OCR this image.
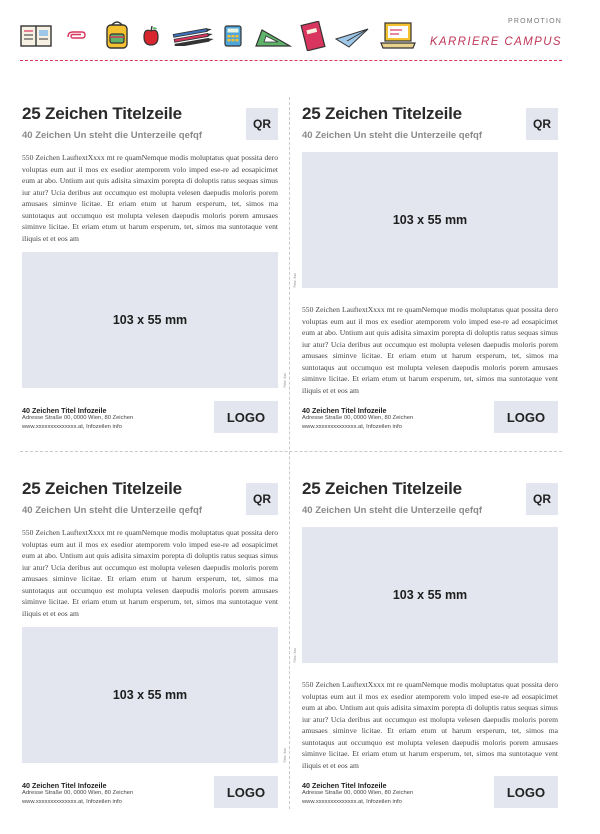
PROMOTION
KARRIERE CAMPUS
25 Zeichen Titelzeile
40 Zeichen Un steht die Unterzeile qefqf
QR
550 Zeichen LauftextXxxx mt re quamNemque modis moluptatus quat possita dero voluptas eum aut il mos ex esedior atemporem volo imped ese-re ad eosapicimet eum at abo. Untium aut quis adisita simaxim porepta di doluptis ratus sequas simus iur atur? Ucia deribus aut occumquo est molupta velesen daepudis moloris porem amusaes siminve licitae. Et eriam etum ut harum ersperum, tet, simos ma suntotaqus aut occumquo est molupta velesen daepudis moloris porem amusaes siminve licitae. Et eriam etum ut harum ersperum, tet, simos ma suntotaque vent iliquis et et eos am
103 x 55 mm
Foto: Xxx
40 Zeichen Titel Infozeile
Adresse Straße 00, 0000 Wien, 80 Zeichen
www.xxxxxxxxxxxxxx.at, Infozeilen info
LOGO
25 Zeichen Titelzeile
40 Zeichen Un steht die Unterzeile qefqf
QR
103 x 55 mm
Foto: Xxx
550 Zeichen LauftextXxxx mt re quamNemque modis moluptatus quat possita dero voluptas eum aut il mos ex esedior atemporem volo imped ese-re ad eosapicimet eum at abo. Untium aut quis adisita simaxim porepta di doluptis ratus sequas simus iur atur? Ucia deribus aut occumquo est molupta velesen daepudis moloris porem amusaes siminve licitae. Et eriam etum ut harum ersperum, tet, simos ma suntotaqus aut occumquo est molupta velesen daepudis moloris porem amusaes siminve licitae. Et eriam etum ut harum ersperum, tet, simos ma suntotaque vent iliquis et et eos am
40 Zeichen Titel Infozeile
Adresse Straße 00, 0000 Wien, 80 Zeichen
www.xxxxxxxxxxxxxx.at, Infozeilen info
LOGO
25 Zeichen Titelzeile
40 Zeichen Un steht die Unterzeile qefqf
QR
550 Zeichen LauftextXxxx mt re quamNemque modis moluptatus quat possita dero voluptas eum aut il mos ex esedior atemporem volo imped ese-re ad eosapicimet eum at abo. Untium aut quis adisita simaxim porepta di doluptis ratus sequas simus iur atur? Ucia deribus aut occumquo est molupta velesen daepudis moloris porem amusaes siminve licitae. Et eriam etum ut harum ersperum, tet, simos ma suntotaqus aut occumquo est molupta velesen daepudis moloris porem amusaes siminve licitae. Et eriam etum ut harum ersperum, tet, simos ma suntotaque vent iliquis et et eos am
103 x 55 mm
Foto: Xxx
40 Zeichen Titel Infozeile
Adresse Straße 00, 0000 Wien, 80 Zeichen
www.xxxxxxxxxxxxxx.at, Infozeilen info
LOGO
25 Zeichen Titelzeile
40 Zeichen Un steht die Unterzeile qefqf
QR
103 x 55 mm
Foto: Xxx
550 Zeichen LauftextXxxx mt re quamNemque modis moluptatus quat possita dero voluptas eum aut il mos ex esedior atemporem volo imped ese-re ad eosapicimet eum at abo. Untium aut quis adisita simaxim porepta di doluptis ratus sequas simus iur atur? Ucia deribus aut occumquo est molupta velesen daepudis moloris porem amusaes siminve licitae. Et eriam etum ut harum ersperum, tet, simos ma suntotaqus aut occumquo est molupta velesen daepudis moloris porem amusaes siminve licitae. Et eriam etum ut harum ersperum, tet, simos ma suntotaque vent iliquis et et eos am
40 Zeichen Titel Infozeile
Adresse Straße 00, 0000 Wien, 80 Zeichen
www.xxxxxxxxxxxxxx.at, Infozeilen info
LOGO
